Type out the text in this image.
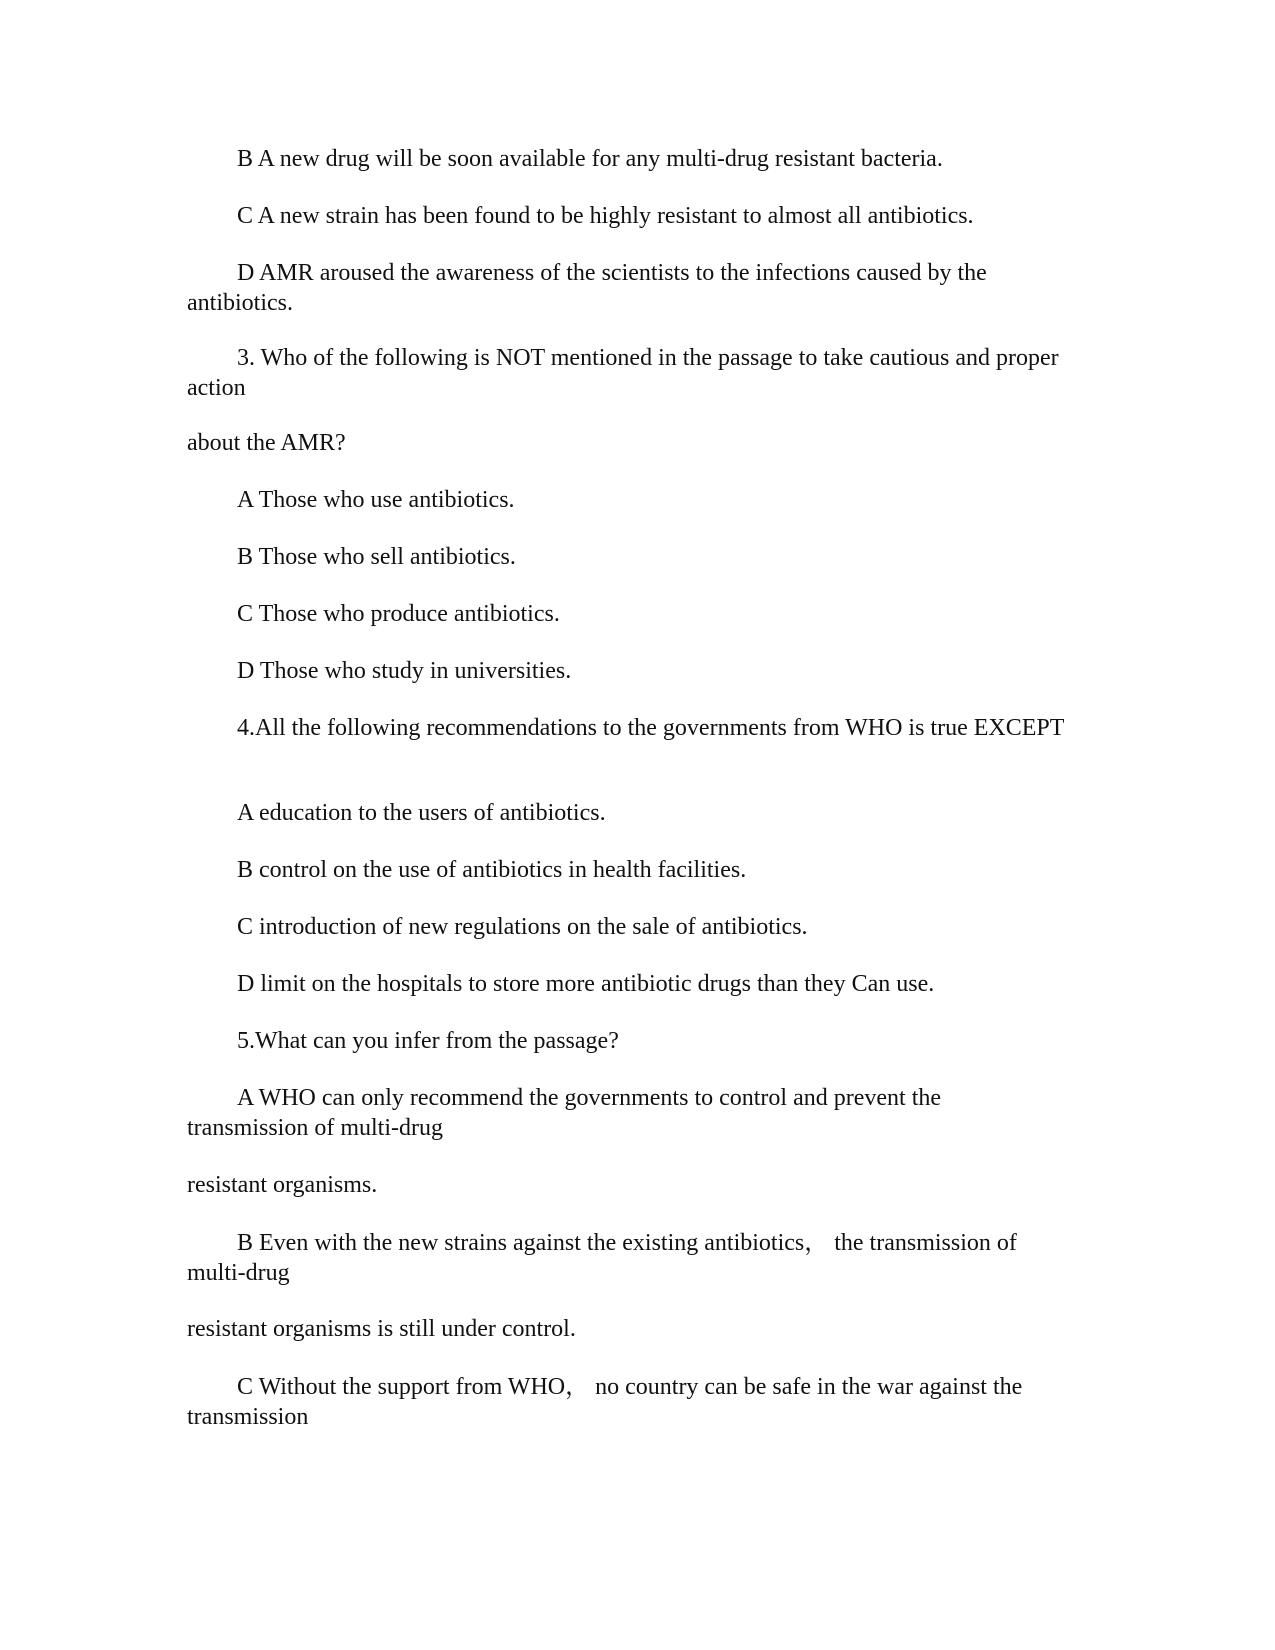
B A new drug will be soon available for any multi-drug resistant bacteria.

C A new strain has been found to be highly resistant to almost all antibiotics.

D AMR aroused the awareness of the scientists to the infections caused by the antibiotics.

3. Who of the following is NOT mentioned in the passage to take cautious and proper action

about the AMR?

A Those who use antibiotics.

B Those who sell antibiotics.

C Those who produce antibiotics.

D Those who study in universities.

4.All the following recommendations to the governments from WHO is true EXCEPT

A education to the users of antibiotics.

B control on the use of antibiotics in health facilities.

C introduction of new regulations on the sale of antibiotics.

D limit on the hospitals to store more antibiotic drugs than they Can use.

5.What can you infer from the passage?

A WHO can only recommend the governments to control and prevent the transmission of multi-drug

resistant organisms.

B Even with the new strains against the existing antibiotics， the transmission of multi-drug

resistant organisms is still under control.

C Without the support from WHO， no country can be safe in the war against the transmission
